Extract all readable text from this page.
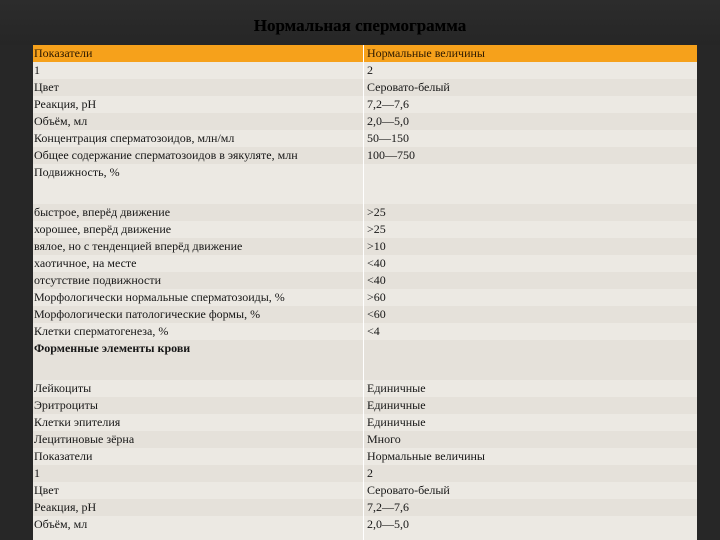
Нормальная спермограмма
Показатели	Нормальные величины
1	2
Цвет	Серовато-белый
Реакция, рН	7,2—7,6
Объём, мл	2,0—5,0
Концентрация сперматозоидов, млн/мл	50—150
Общее содержание сперматозоидов в эякуляте, млн	100—750
Подвижность, %
быстрое, вперёд движение	>25
хорошее, вперёд движение	>25
вялое, но с тенденцией вперёд движение	>10
хаотичное, на месте	<40
отсутствие подвижности	<40
Морфологически нормальные сперматозоиды, %	>60
Морфологически патологические формы, %	<60
Клетки сперматогенеза, %	<4
Форменные элементы крови
Лейкоциты	Единичные
Эритроциты	Единичные
Клетки эпителия	Единичные
Лецитиновые зёрна	Много
Показатели	Нормальные величины
1	2
Цвет	Серовато-белый
Реакция, рН	7,2—7,6
Объём, мл	2,0—5,0
